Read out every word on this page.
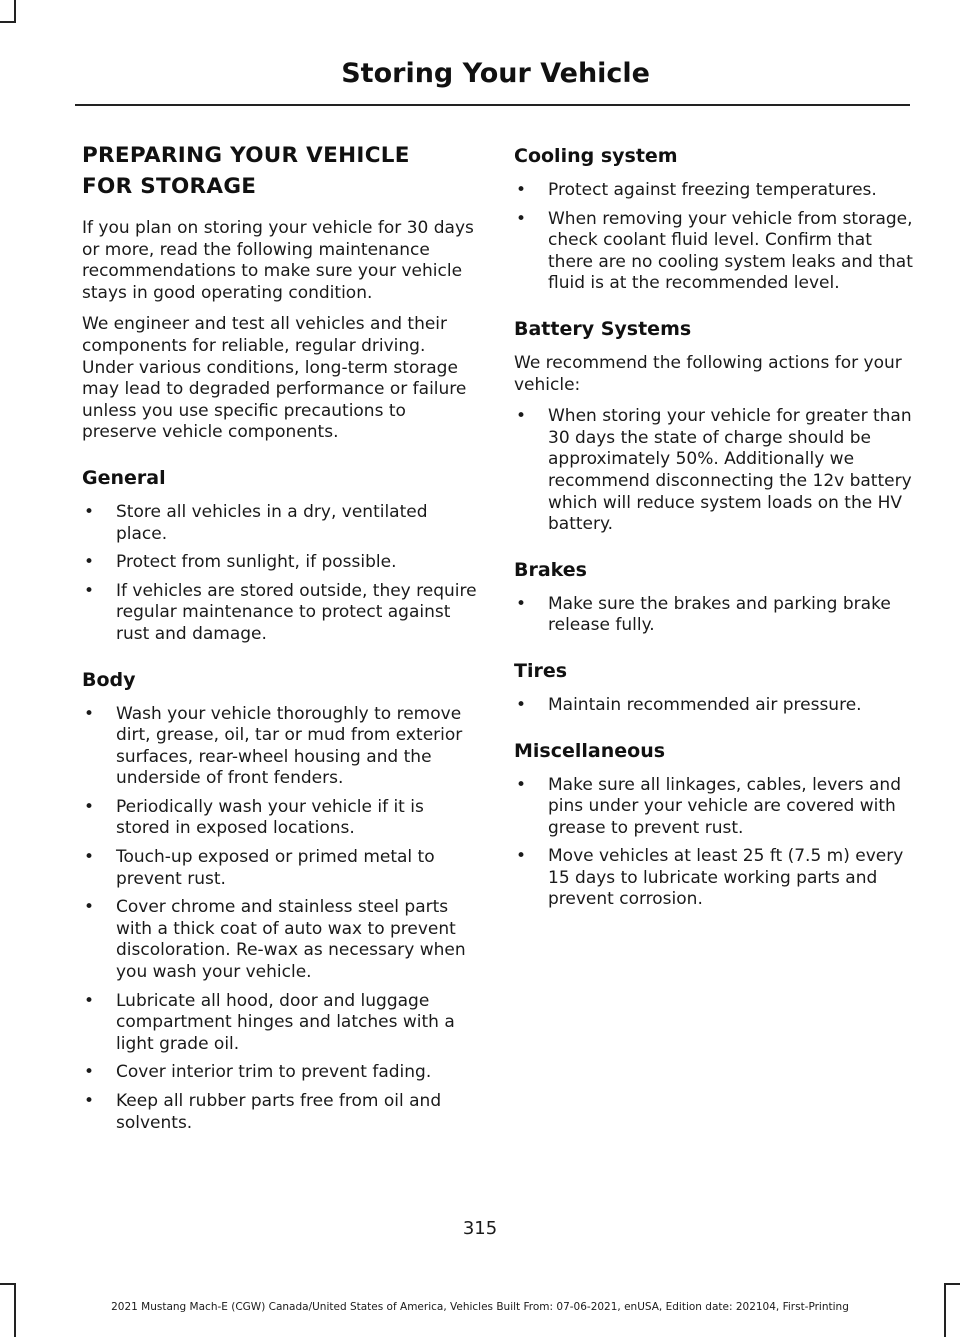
Storing Your Vehicle
PREPARING YOUR VEHICLE
FOR STORAGE

If you plan on storing your vehicle for 30 days or more, read the following maintenance recommendations to make sure your vehicle stays in good operating condition.

We engineer and test all vehicles and their components for reliable, regular driving. Under various conditions, long-term storage may lead to degraded performance or failure unless you use specific precautions to preserve vehicle components.

General
• Store all vehicles in a dry, ventilated place.
• Protect from sunlight, if possible.
• If vehicles are stored outside, they require regular maintenance to protect against rust and damage.
Body
• Wash your vehicle thoroughly to remove dirt, grease, oil, tar or mud from exterior surfaces, rear-wheel housing and the underside of front fenders.
• Periodically wash your vehicle if it is stored in exposed locations.
• Touch-up exposed or primed metal to prevent rust.
• Cover chrome and stainless steel parts with a thick coat of auto wax to prevent discoloration. Re-wax as necessary when you wash your vehicle.
• Lubricate all hood, door and luggage compartment hinges and latches with a light grade oil.
• Cover interior trim to prevent fading.
• Keep all rubber parts free from oil and solvents.
Cooling system
• Protect against freezing temperatures.
• When removing your vehicle from storage, check coolant fluid level. Confirm that there are no cooling system leaks and that fluid is at the recommended level.
Battery Systems

We recommend the following actions for your vehicle:

• When storing your vehicle for greater than 30 days the state of charge should be approximately 50%. Additionally we recommend disconnecting the 12v battery which will reduce system loads on the HV battery.
Brakes
• Make sure the brakes and parking brake release fully.
Tires
• Maintain recommended air pressure.
Miscellaneous
• Make sure all linkages, cables, levers and pins under your vehicle are covered with grease to prevent rust.
• Move vehicles at least 25 ft (7.5 m) every 15 days to lubricate working parts and prevent corrosion.
315
2021 Mustang Mach-E (CGW) Canada/United States of America, Vehicles Built From: 07-06-2021, enUSA, Edition date: 202104, First-Printing
